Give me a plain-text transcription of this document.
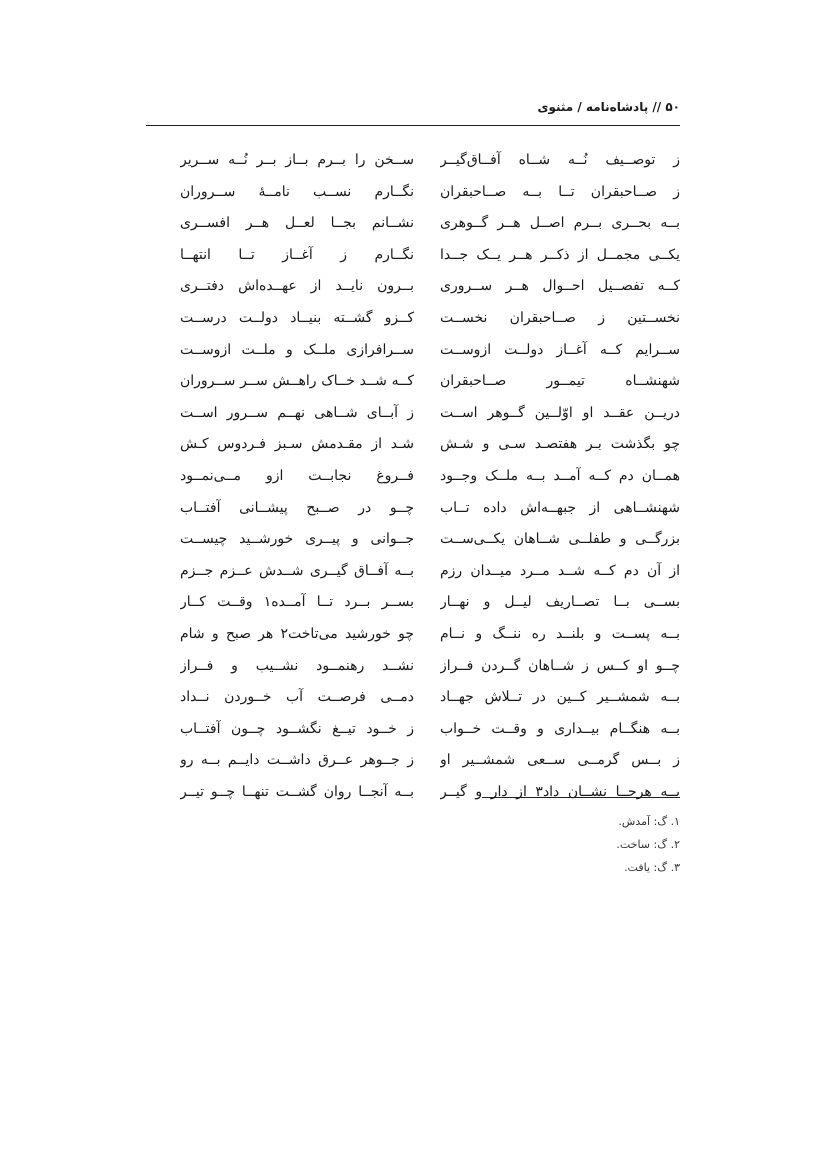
۵۰ // پادشاه‌نامه / مثنوی
ز توصــیف نُــه شــاه آفــاق‌گیــر
ز صــاحبقران تــا بــه صــاحبقران
بــه بحــری بــرم اصــل هــر گــوهری
یکــی مجمــل از ذکــر هــر یــک جــدا
کــه تفصــیل احــوال هــر ســروری
نخســتین ز صــاحبقران نخســت
ســرایم کــه آغــاز دولــت ازوســت
شهنشــاه تیمــور صــاحبقران
دریــن عقــد او اوّلــین گــوهر اســت
چو بگذشت بـر هفتصـد سـی و شـش
همــان دم کــه آمــد بــه ملــک وجــود
شهنشــاهی از جبهــه‌اش داده تــاب
بزرگــی و طفلــی شــاهان یکــی‌ســت
از آن دم کــه شــد مــرد میــدان رزم
بســی بــا تصــاریف لیــل و نهــار
بــه پســت و بلنــد ره ننــگ و نــام
چــو او کــس ز شــاهان گــردن فــراز
بــه شمشــیر کــین در تــلاش جهــاد
بــه هنگــام بیــداری و وقــت خــواب
ز بــس گرمــی ســعی شمشــیر او
بــه هرجــا نشــان داد۳ از دار و گیــر
ســخن را بــرم بــاز بــر نُــه ســریر
نگــارم نســب نامــهٔ ســروران
نشــانم بجــا لعــل هــر افســری
نگــارم ز آغــاز تــا انتهــا
بــرون نایــد از عهــده‌اش دفتــری
کــزو گشــته بنیــاد دولــت درســت
ســرافرازی ملــک و ملــت ازوســت
کــه شــد خــاک راهــش ســر ســروران
ز آبــای شــاهی نهــم ســرور اســت
شـد از مقـدمش سـبز فـردوس کـش
فــروغ نجابــت ازو مــی‌نمــود
چــو در صــبح پیشــانی آفتــاب
جــوانی و پیــری خورشــید چیســت
بــه آفــاق گیــری شــدش عــزم جــزم
بســر بــرد تــا آمــده۱ وقــت کــار
چو خورشید می‌تاخت۲ هر صبح و شام
نشــد رهنمــود نشــیب و فــراز
دمــی فرصــت آب خــوردن نــداد
ز خــود تیــغ نگشــود چــون آفتــاب
ز جــوهر عــرق داشــت دایــم بــه رو
بــه آنجــا روان گشــت تنهــا چــو تیــر
۱. گ: آمدش.
۲. گ: ساخت.
۳. گ: یافت.
